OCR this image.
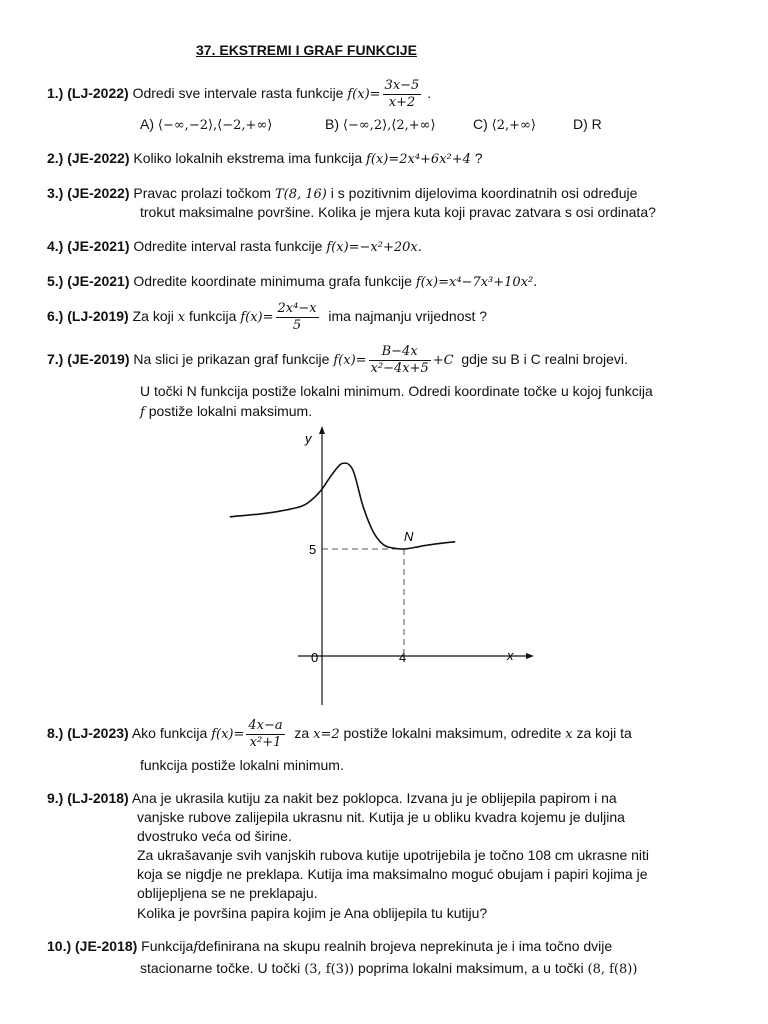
37. EKSTREMI I GRAF FUNKCIJE
1.) (LJ-2022) Odredi sve intervale rasta funkcije $f(x)= \frac{3x-5}{x+2}$ .
A) ⟨−∞,−2⟩,⟨−2,+∞⟩	B) ⟨−∞,2⟩,⟨2,+∞⟩	C) ⟨2,+∞⟩	D) R
2.) (JE-2022) Koliko lokalnih ekstrema ima funkcija f(x)=2x⁴+6x²+4 ?
3.) (JE-2022) Pravac prolazi točkom T(8, 16) i s pozitivnim dijelovima koordinatnih osi određuje
trokut maksimalne površine. Kolika je mjera kuta koji pravac zatvara s osi ordinata?
4.) (JE-2021) Odredite interval rasta funkcije f(x)=−x²+20x.
5.) (JE-2021) Odredite koordinate minimuma grafa funkcije f(x)=x⁴−7x³+10x².
6.) (LJ-2019) Za koji x funkcija $f(x)= \frac{\text{2x⁴−x}}{5}$ ima najmanju vrijednost ?
7.) (JE-2019) Na slici je prikazan graf funkcije $f(x)= \frac{B-4x}{\text{x²−4x+5}} +C$ gdje su B i C realni brojevi.
U točki N funkcija postiže lokalni minimum. Odredi koordinate točke u kojoj funkcija
f postiže lokalni maksimum.
y
x
0
5
4
N
8.) (LJ-2023) Ako funkcija $f(x)= \frac{4x-a}{\text{x²+1}}$ za x=2 postiže lokalni maksimum, odredite x za koji ta
funkcija postiže lokalni minimum.
9.) (LJ-2018) Ana je ukrasila kutiju za nakit bez poklopca. Izvana ju je oblijepila papirom i na
vanjske rubove zalijepila ukrasnu nit. Kutija je u obliku kvadra kojemu je duljina
dvostruko veća od širine.
Za ukrašavanje svih vanjskih rubova kutije upotrijebila je točno 108 cm ukrasne niti
koja se nigdje ne preklapa. Kutija ima maksimalno moguć obujam i papiri kojima je
oblijepljena se ne preklapaju.
Kolika je površina papira kojim je Ana oblijepila tu kutiju?
10.) (JE-2018) Funkcijafdefinirana na skupu realnih brojeva neprekinuta je i ima točno dvije
stacionarne točke. U točki (3, f(3)) poprima lokalni maksimum, a u točki (8, f(8))
